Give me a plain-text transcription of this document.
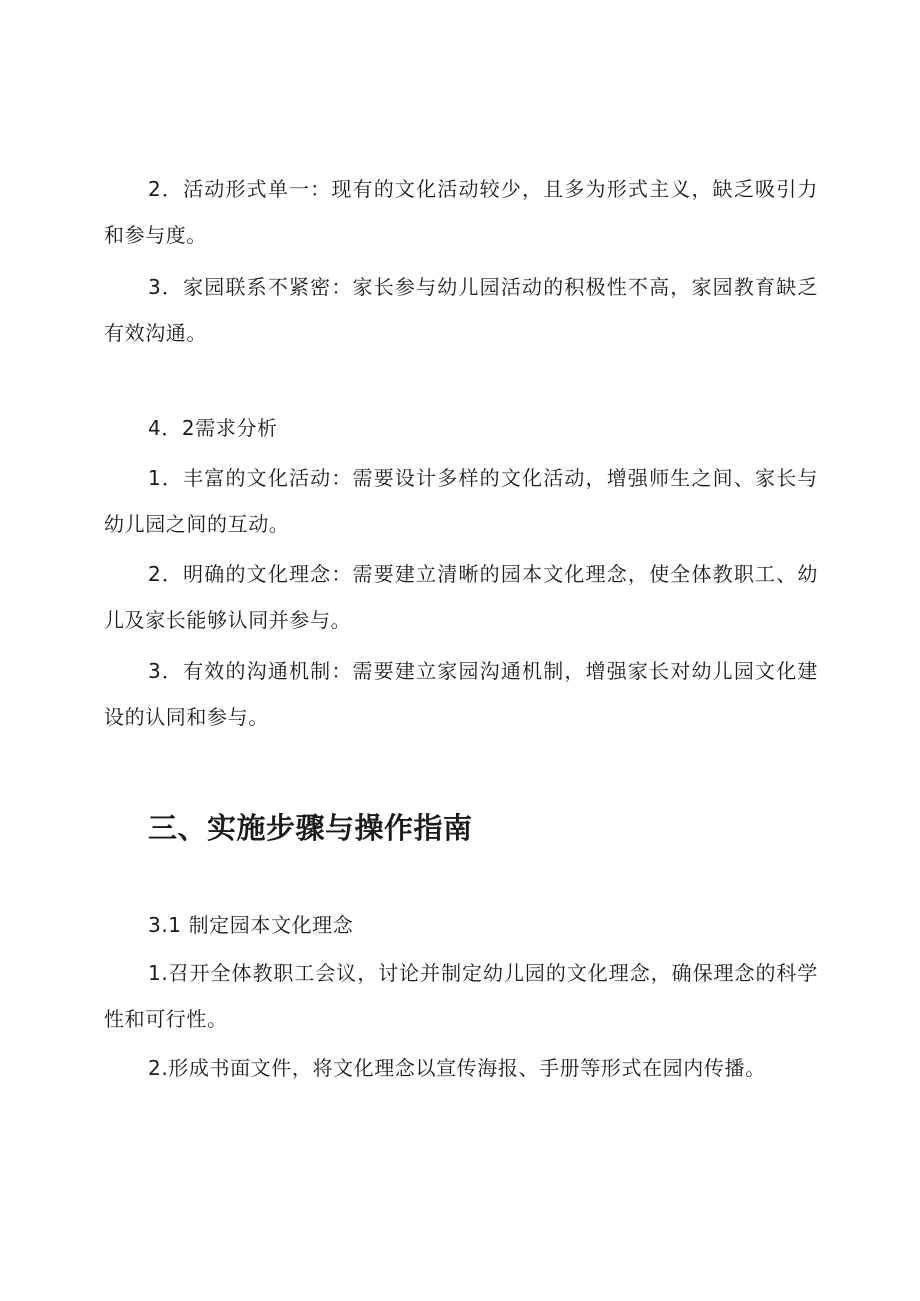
2．活动形式单一：现有的文化活动较少，且多为形式主义，缺乏吸引力和参与度。

3．家园联系不紧密：家长参与幼儿园活动的积极性不高，家园教育缺乏有效沟通。

4．2需求分析

1．丰富的文化活动：需要设计多样的文化活动，增强师生之间、家长与幼儿园之间的互动。

2．明确的文化理念：需要建立清晰的园本文化理念，使全体教职工、幼儿及家长能够认同并参与。

3．有效的沟通机制：需要建立家园沟通机制，增强家长对幼儿园文化建设的认同和参与。

三、实施步骤与操作指南

3.1 制定园本文化理念

1.召开全体教职工会议，讨论并制定幼儿园的文化理念，确保理念的科学性和可行性。

2.形成书面文件，将文化理念以宣传海报、手册等形式在园内传播。
